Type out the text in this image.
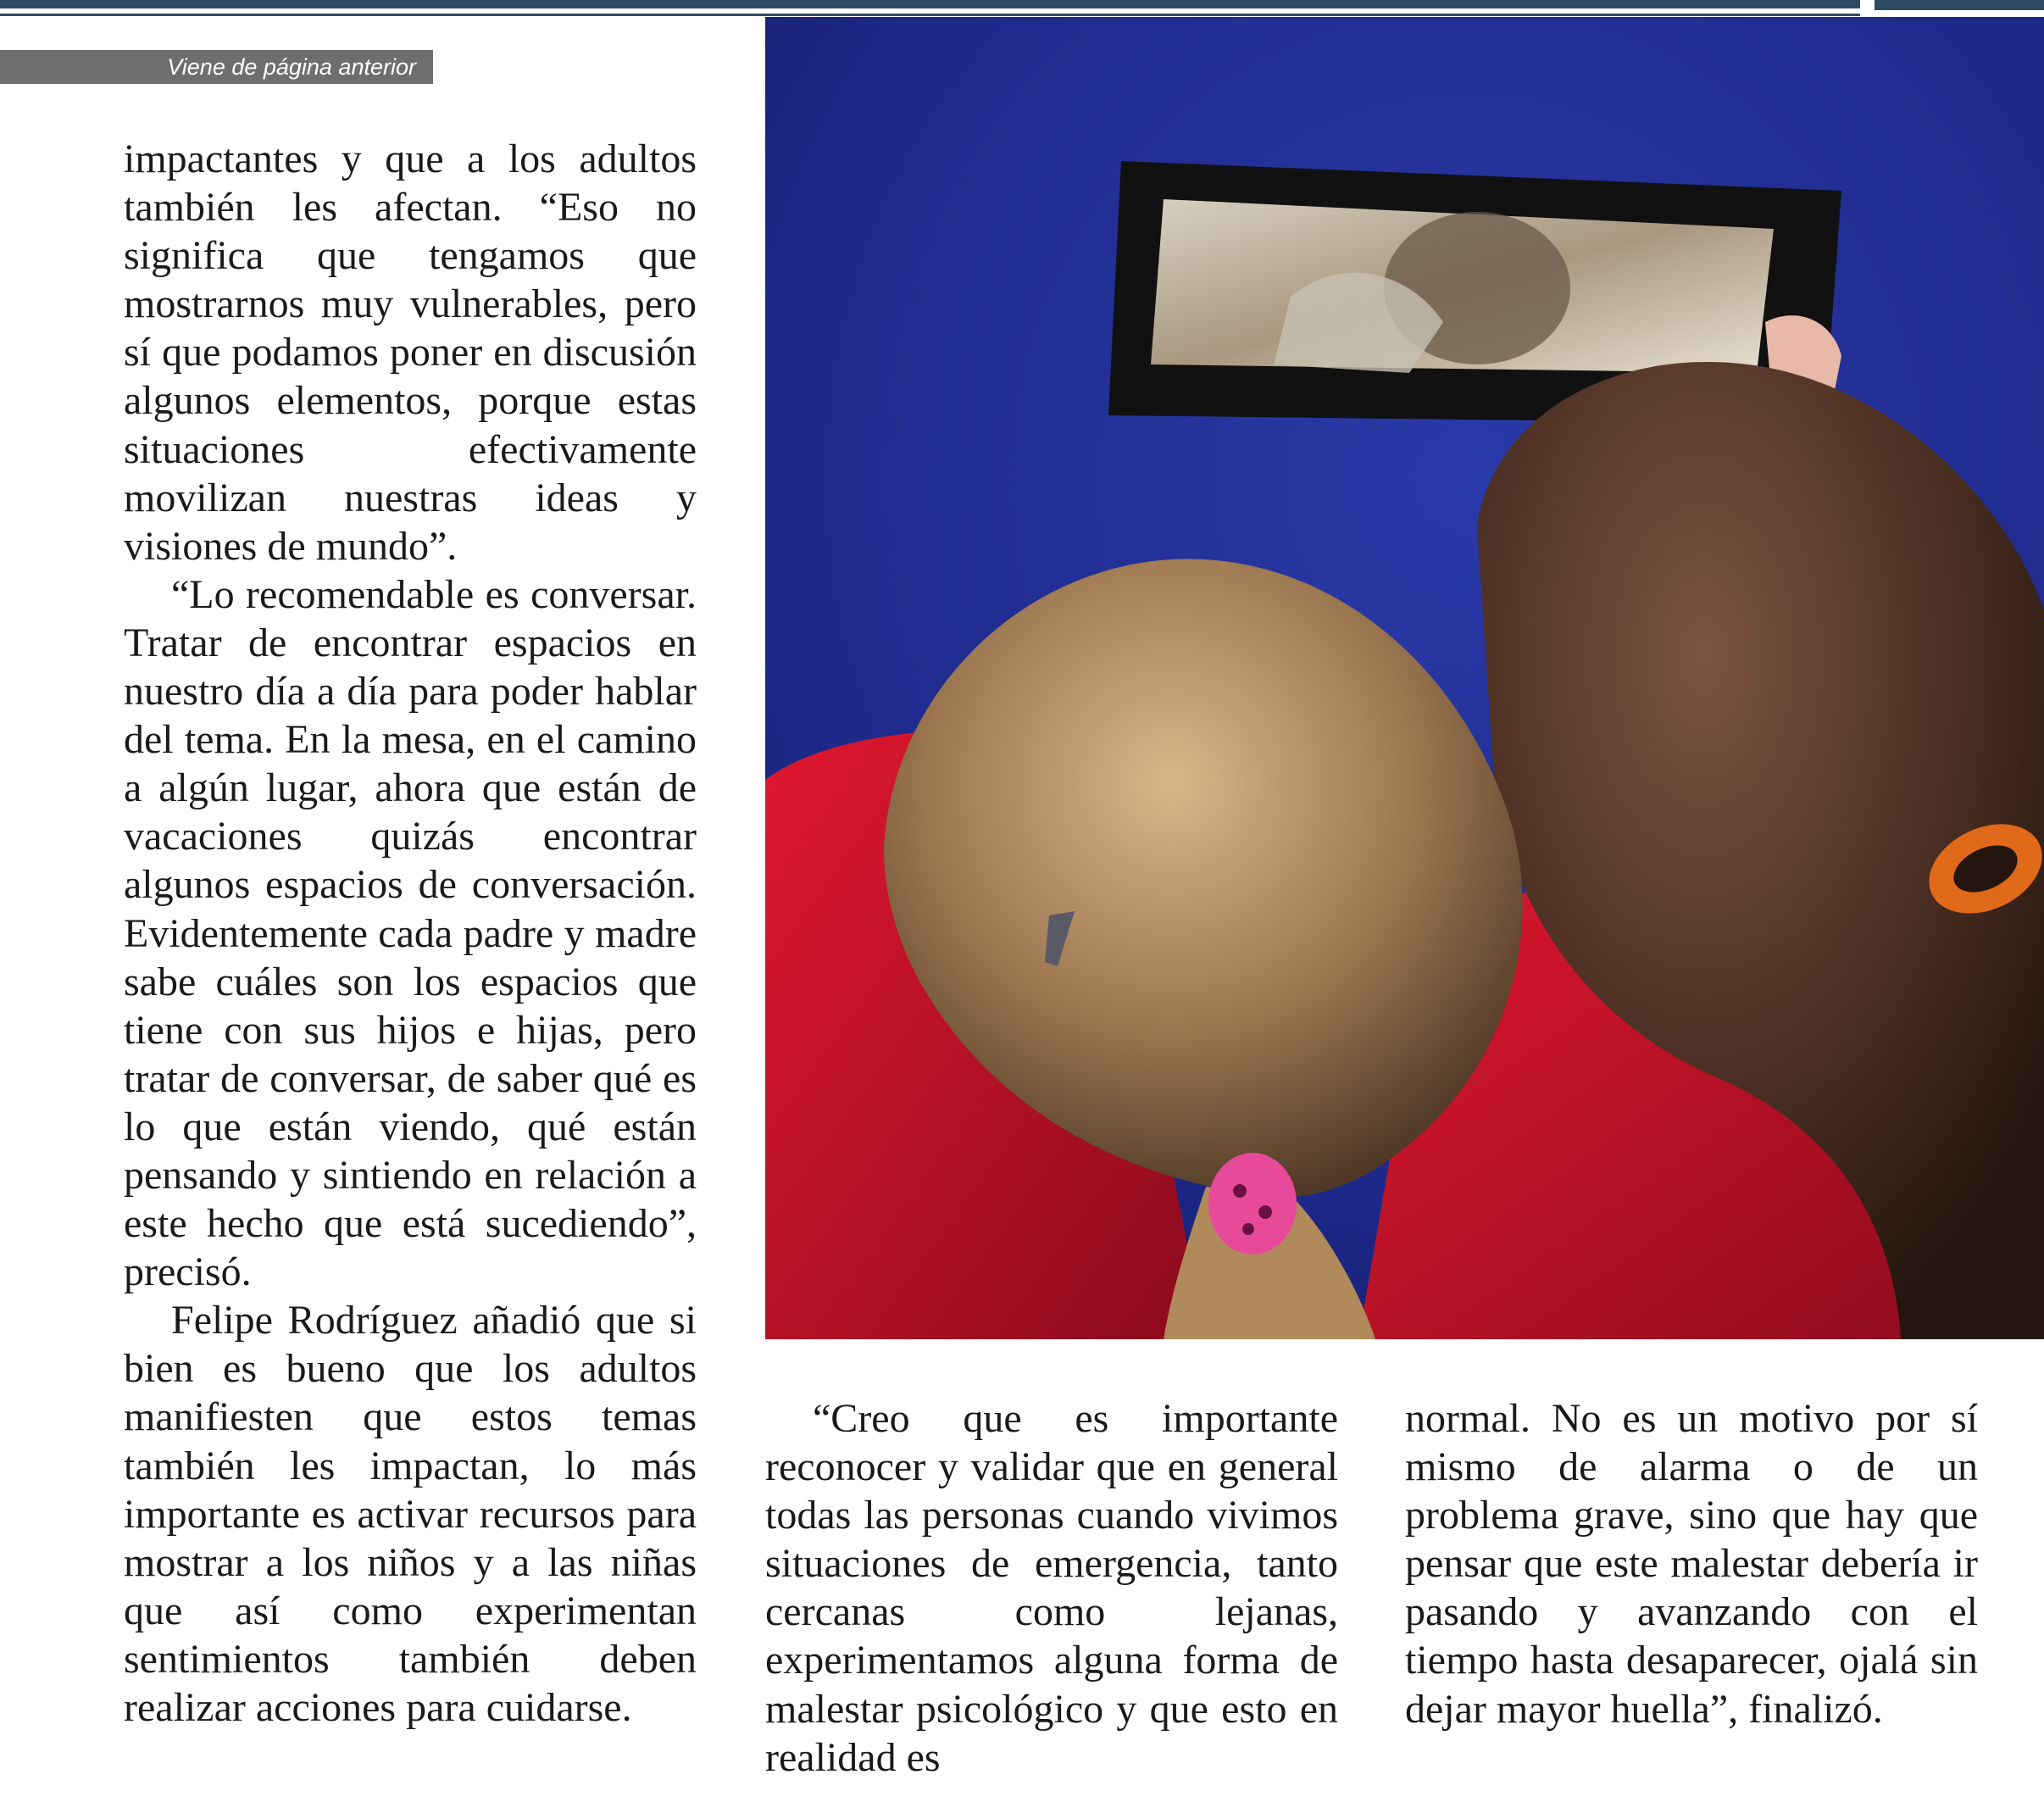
Viene de página anterior

impactantes y que a los adultos también les afectan. “Eso no significa que tengamos que mostrarnos muy vulnerables, pero sí que podamos poner en discusión algunos elementos, porque estas situaciones efectivamente movilizan nuestras ideas y visiones de mundo”.

“Lo recomendable es conversar. Tratar de encontrar espacios en nuestro día a día para poder hablar del tema. En la mesa, en el camino a algún lugar, ahora que están de vacaciones quizás encontrar algunos espacios de conversación. Evidentemente cada padre y madre sabe cuáles son los espacios que tiene con sus hijos e hijas, pero tratar de conversar, de saber qué es lo que están viendo, qué están pensando y sintiendo en relación a este hecho que está sucediendo”, precisó.

Felipe Rodríguez añadió que si bien es bueno que los adultos manifiesten que estos temas también les impactan, lo más importante es activar recursos para mostrar a los niños y a las niñas que así como experimentan sentimientos también deben realizar acciones para cuidarse.

“Creo que es importante reconocer y validar que en general todas las personas cuando vivimos situaciones de emergencia, tanto cercanas como lejanas, experimentamos alguna forma de malestar psicológico y que esto en realidad es

normal. No es un motivo por sí mismo de alarma o de un problema grave, sino que hay que pensar que este malestar debería ir pasando y avanzando con el tiempo hasta desaparecer, ojalá sin dejar mayor huella”, finalizó.
